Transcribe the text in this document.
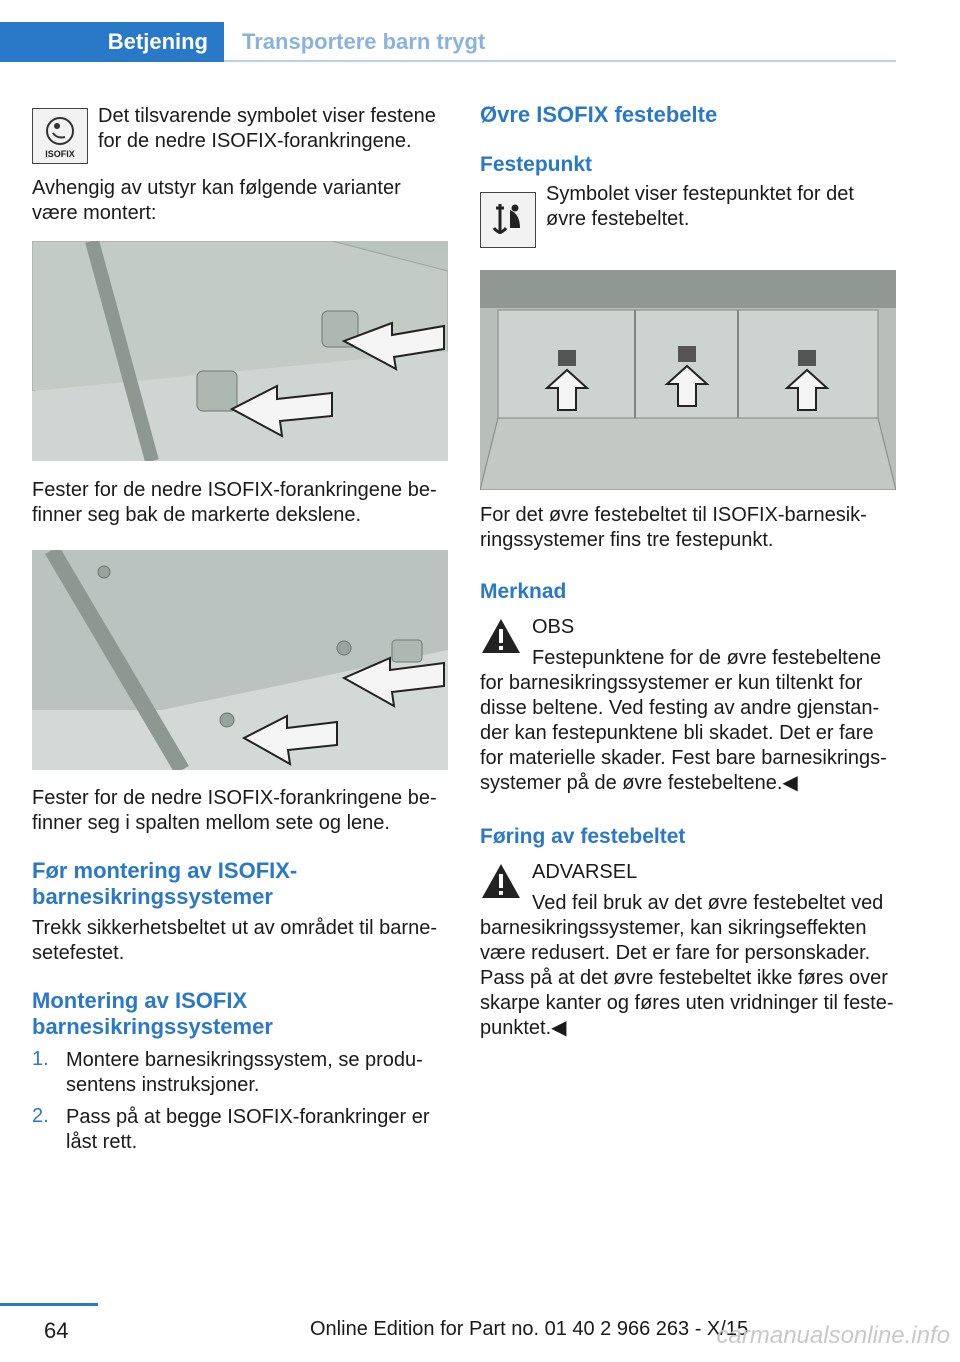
Betjening	Transportere barn trygt
ISOFIX

Det tilsvarende symbolet viser festene for de nedre ISOFIX-forankringene.

Avhengig av utstyr kan følgende varianter være montert:

Fester for de nedre ISOFIX-forankringene be- finner seg bak de markerte dekslene.

Fester for de nedre ISOFIX-forankringene be- finner seg i spalten mellom sete og lene.

Før montering av ISOFIX- barnesikringssystemer

Trekk sikkerhetsbeltet ut av området til barne- setefestet.

Montering av ISOFIX barnesikringssystemer
1. Montere barnesikringssystem, se produ- sentens instruksjoner.
2. Pass på at begge ISOFIX-forankringer er låst rett.
Øvre ISOFIX festebelte
Festepunkt

Symbolet viser festepunktet for det øvre festebeltet.

For det øvre festebeltet til ISOFIX-barnesik- ringssystemer fins tre festepunkt.

Merknad

OBS

Festepunktene for de øvre festebeltene for barnesikringssystemer er kun tiltenkt for disse beltene. Ved festing av andre gjenstan- der kan festepunktene bli skadet. Det er fare for materielle skader. Fest bare barnesikrings- systemer på de øvre festebeltene.◀

Føring av festebeltet

ADVARSEL

Ved feil bruk av det øvre festebeltet ved barnesikringssystemer, kan sikringseffekten være redusert. Det er fare for personskader. Pass på at det øvre festebeltet ikke føres over skarpe kanter og føres uten vridninger til feste- punktet.◀

64	Online Edition for Part no. 01 40 2 966 263 - X/15
carmanualsonline.info
